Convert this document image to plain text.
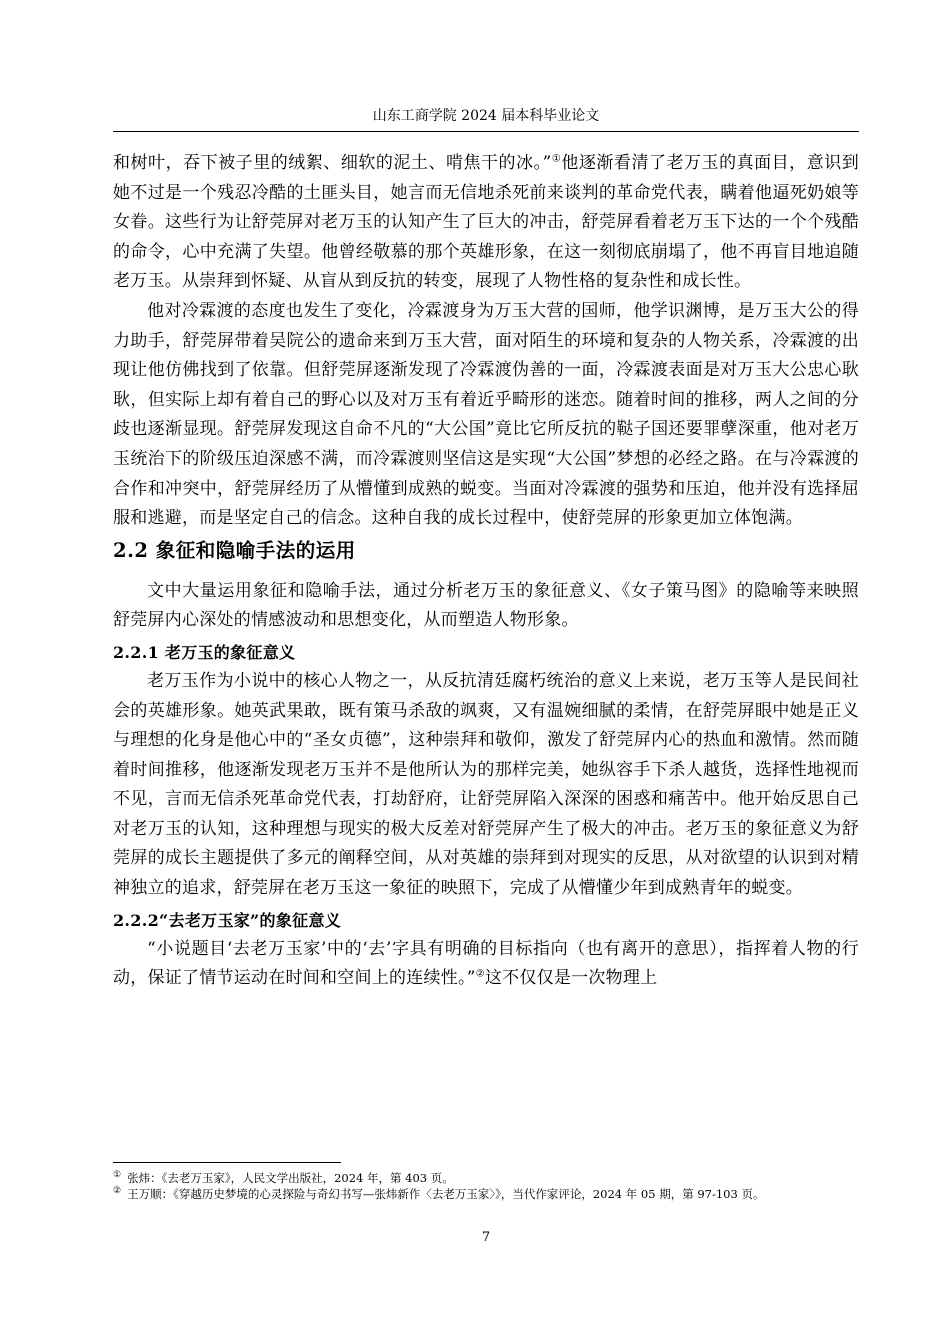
山东工商学院 2024 届本科毕业论文

和树叶，吞下被子里的绒絮、细软的泥土、啃焦干的冰。”①他逐渐看清了老万玉的真面目，意识到她不过是一个残忍冷酷的土匪头目，她言而无信地杀死前来谈判的革命党代表，瞒着他逼死奶娘等女眷。这些行为让舒莞屏对老万玉的认知产生了巨大的冲击，舒莞屏看着老万玉下达的一个个残酷的命令，心中充满了失望。他曾经敬慕的那个英雄形象，在这一刻彻底崩塌了，他不再盲目地追随老万玉。从崇拜到怀疑、从盲从到反抗的转变，展现了人物性格的复杂性和成长性。

他对冷霖渡的态度也发生了变化，冷霖渡身为万玉大营的国师，他学识渊博，是万玉大公的得力助手，舒莞屏带着吴院公的遗命来到万玉大营，面对陌生的环境和复杂的人物关系，冷霖渡的出现让他仿佛找到了依靠。但舒莞屏逐渐发现了冷霖渡伪善的一面，冷霖渡表面是对万玉大公忠心耿耿，但实际上却有着自己的野心以及对万玉有着近乎畸形的迷恋。随着时间的推移，两人之间的分歧也逐渐显现。舒莞屏发现这自命不凡的“大公国”竟比它所反抗的鞑子国还要罪孽深重，他对老万玉统治下的阶级压迫深感不满，而冷霖渡则坚信这是实现“大公国”梦想的必经之路。在与冷霖渡的合作和冲突中，舒莞屏经历了从懵懂到成熟的蜕变。当面对冷霖渡的强势和压迫，他并没有选择屈服和逃避，而是坚定自己的信念。这种自我的成长过程中，使舒莞屏的形象更加立体饱满。

2.2 象征和隐喻手法的运用

文中大量运用象征和隐喻手法，通过分析老万玉的象征意义、《女子策马图》的隐喻等来映照舒莞屏内心深处的情感波动和思想变化，从而塑造人物形象。

2.2.1 老万玉的象征意义

老万玉作为小说中的核心人物之一，从反抗清廷腐朽统治的意义上来说，老万玉等人是民间社会的英雄形象。她英武果敢，既有策马杀敌的飒爽，又有温婉细腻的柔情，在舒莞屏眼中她是正义与理想的化身是他心中的“圣女贞德”，这种崇拜和敬仰，激发了舒莞屏内心的热血和激情。然而随着时间推移，他逐渐发现老万玉并不是他所认为的那样完美，她纵容手下杀人越货，选择性地视而不见，言而无信杀死革命党代表，打劫舒府，让舒莞屏陷入深深的困惑和痛苦中。他开始反思自己对老万玉的认知，这种理想与现实的极大反差对舒莞屏产生了极大的冲击。老万玉的象征意义为舒莞屏的成长主题提供了多元的阐释空间，从对英雄的崇拜到对现实的反思，从对欲望的认识到对精神独立的追求，舒莞屏在老万玉这一象征的映照下，完成了从懵懂少年到成熟青年的蜕变。

2.2.2“去老万玉家”的象征意义

“小说题目‘去老万玉家’中的‘去’字具有明确的目标指向（也有离开的意思），指挥着人物的行动，保证了情节运动在时间和空间上的连续性。”②这不仅仅是一次物理上

① 张炜：《去老万玉家》，人民文学出版社，2024 年，第 403 页。

② 王万顺：《穿越历史梦境的心灵探险与奇幻书写—张炜新作〈去老万玉家〉》，当代作家评论，2024 年 05 期，第 97-103 页。

7
